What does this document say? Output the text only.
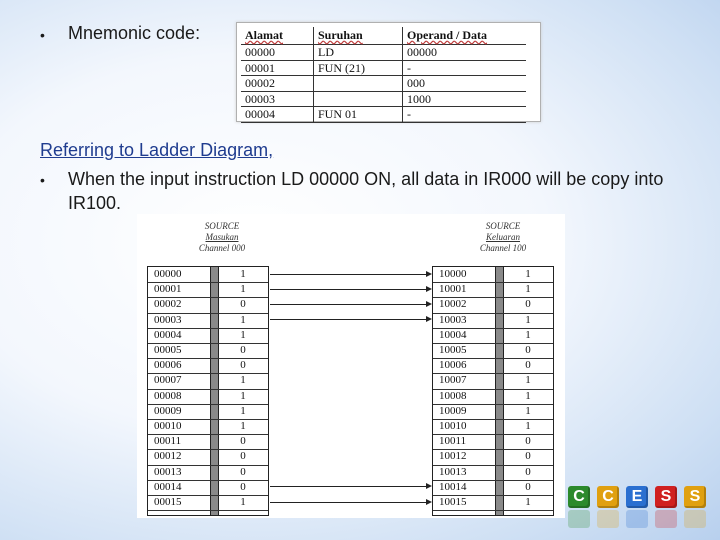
• Mnemonic code:	Alamat	Suruhan	Operand / Data
00000	LD	00000
00001	FUN (21)	-
00002		000
00003		1000
00004	FUN 01	-
Referring to Ladder Diagram,
• When the input instruction LD 00000 ON, all data in IR000 will be copy into IR100.
SOURCE
Masukan
Channel 000
SOURCE
Keluaran
Channel 100
00000	1
00001	1
00002	0
00003	1
00004	1
00005	0
00006	0
00007	1
00008	1
00009	1
00010	1
00011	0
00012	0
00013	0
00014	0
00015	1
10000	1
10001	1
10002	0
10003	1
10004	1
10005	0
10006	0
10007	1
10008	1
10009	1
10010	1
10011	0
10012	0
10013	0
10014	0
10015	1	C	C	E	S	S
